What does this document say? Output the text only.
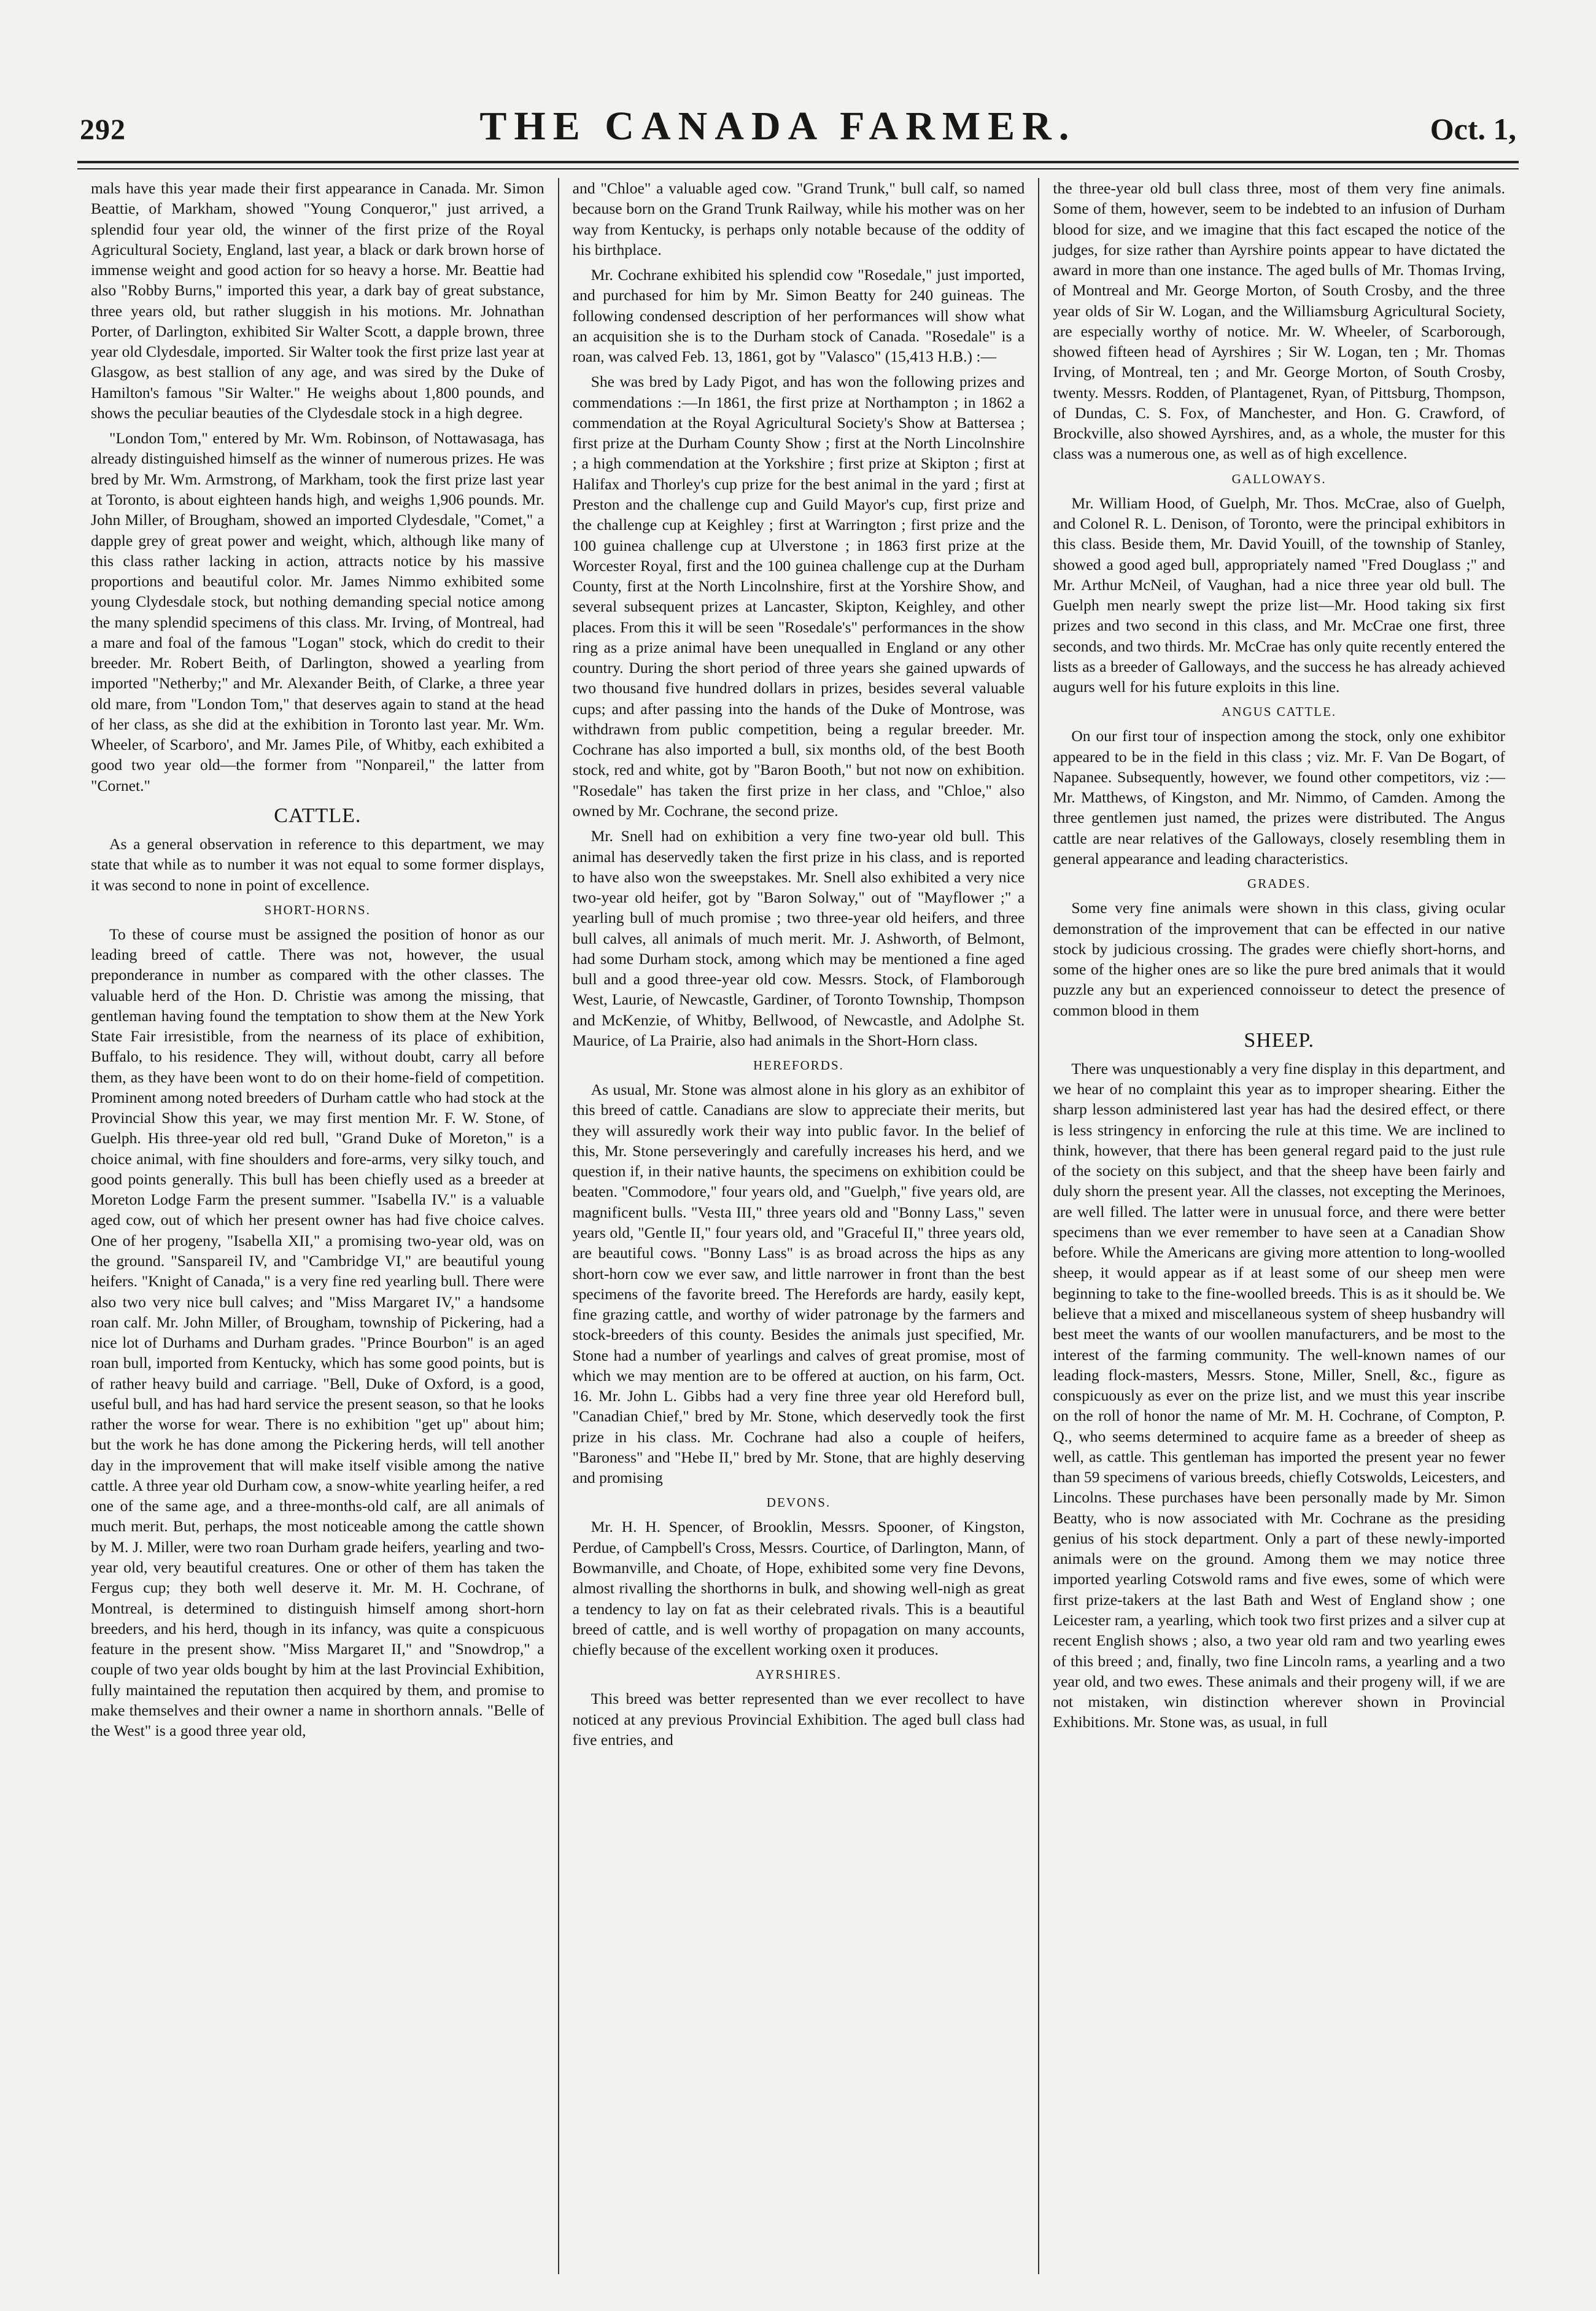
292	THE CANADA FARMER.	Oct. 1,

mals have this year made their first appearance in Canada. Mr. Simon Beattie, of Markham, showed "Young Conqueror," just arrived, a splendid four year old, the winner of the first prize of the Royal Agricultural Society, England, last year, a black or dark brown horse of immense weight and good action for so heavy a horse. Mr. Beattie had also "Robby Burns," imported this year, a dark bay of great substance, three years old, but rather sluggish in his motions. Mr. Johnathan Porter, of Darlington, exhibited Sir Walter Scott, a dapple brown, three year old Clydesdale, imported. Sir Walter took the first prize last year at Glasgow, as best stallion of any age, and was sired by the Duke of Hamilton's famous "Sir Walter." He weighs about 1,800 pounds, and shows the peculiar beauties of the Clydesdale stock in a high degree.

"London Tom," entered by Mr. Wm. Robinson, of Nottawasaga, has already distinguished himself as the winner of numerous prizes. He was bred by Mr. Wm. Armstrong, of Markham, took the first prize last year at Toronto, is about eighteen hands high, and weighs 1,906 pounds. Mr. John Miller, of Brougham, showed an imported Clydesdale, "Comet," a dapple grey of great power and weight, which, although like many of this class rather lacking in action, attracts notice by his massive proportions and beautiful color. Mr. James Nimmo exhibited some young Clydesdale stock, but nothing demanding special notice among the many splendid specimens of this class. Mr. Irving, of Montreal, had a mare and foal of the famous "Logan" stock, which do credit to their breeder. Mr. Robert Beith, of Darlington, showed a yearling from imported "Netherby;" and Mr. Alexander Beith, of Clarke, a three year old mare, from "London Tom," that deserves again to stand at the head of her class, as she did at the exhibition in Toronto last year. Mr. Wm. Wheeler, of Scarboro', and Mr. James Pile, of Whitby, each exhibited a good two year old—the former from "Nonpareil," the latter from "Cornet."

CATTLE.

As a general observation in reference to this department, we may state that while as to number it was not equal to some former displays, it was second to none in point of excellence.

SHORT-HORNS.

To these of course must be assigned the position of honor as our leading breed of cattle. There was not, however, the usual preponderance in number as compared with the other classes. The valuable herd of the Hon. D. Christie was among the missing, that gentleman having found the temptation to show them at the New York State Fair irresistible, from the nearness of its place of exhibition, Buffalo, to his residence. They will, without doubt, carry all before them, as they have been wont to do on their home-field of competition. Prominent among noted breeders of Durham cattle who had stock at the Provincial Show this year, we may first mention Mr. F. W. Stone, of Guelph. His three-year old red bull, "Grand Duke of Moreton," is a choice animal, with fine shoulders and fore-arms, very silky touch, and good points generally. This bull has been chiefly used as a breeder at Moreton Lodge Farm the present summer. "Isabella IV." is a valuable aged cow, out of which her present owner has had five choice calves. One of her progeny, "Isabella XII," a promising two-year old, was on the ground. "Sanspareil IV, and "Cambridge VI," are beautiful young heifers. "Knight of Canada," is a very fine red yearling bull. There were also two very nice bull calves; and "Miss Margaret IV," a handsome roan calf. Mr. John Miller, of Brougham, township of Pickering, had a nice lot of Durhams and Durham grades. "Prince Bourbon" is an aged roan bull, imported from Kentucky, which has some good points, but is of rather heavy build and carriage. "Bell, Duke of Oxford, is a good, useful bull, and has had hard service the present season, so that he looks rather the worse for wear. There is no exhibition "get up" about him; but the work he has done among the Pickering herds, will tell another day in the improvement that will make itself visible among the native cattle. A three year old Durham cow, a snow-white yearling heifer, a red one of the same age, and a three-months-old calf, are all animals of much merit. But, perhaps, the most noticeable among the cattle shown by M. J. Miller, were two roan Durham grade heifers, yearling and two-year old, very beautiful creatures. One or other of them has taken the Fergus cup; they both well deserve it. Mr. M. H. Cochrane, of Montreal, is determined to distinguish himself among short-horn breeders, and his herd, though in its infancy, was quite a conspicuous feature in the present show. "Miss Margaret II," and "Snowdrop," a couple of two year olds bought by him at the last Provincial Exhibition, fully maintained the reputation then acquired by them, and promise to make themselves and their owner a name in shorthorn annals. "Belle of the West" is a good three year old,

and "Chloe" a valuable aged cow. "Grand Trunk," bull calf, so named because born on the Grand Trunk Railway, while his mother was on her way from Kentucky, is perhaps only notable because of the oddity of his birthplace.

Mr. Cochrane exhibited his splendid cow "Rosedale," just imported, and purchased for him by Mr. Simon Beatty for 240 guineas. The following condensed description of her performances will show what an acquisition she is to the Durham stock of Canada. "Rosedale" is a roan, was calved Feb. 13, 1861, got by "Valasco" (15,413 H.B.) :—

She was bred by Lady Pigot, and has won the following prizes and commendations :—In 1861, the first prize at Northampton ; in 1862 a commendation at the Royal Agricultural Society's Show at Battersea ; first prize at the Durham County Show ; first at the North Lincolnshire ; a high commendation at the Yorkshire ; first prize at Skipton ; first at Halifax and Thorley's cup prize for the best animal in the yard ; first at Preston and the challenge cup and Guild Mayor's cup, first prize and the challenge cup at Keighley ; first at Warrington ; first prize and the 100 guinea challenge cup at Ulverstone ; in 1863 first prize at the Worcester Royal, first and the 100 guinea challenge cup at the Durham County, first at the North Lincolnshire, first at the Yorshire Show, and several subsequent prizes at Lancaster, Skipton, Keighley, and other places. From this it will be seen "Rosedale's" performances in the show ring as a prize animal have been unequalled in England or any other country. During the short period of three years she gained upwards of two thousand five hundred dollars in prizes, besides several valuable cups; and after passing into the hands of the Duke of Montrose, was withdrawn from public competition, being a regular breeder. Mr. Cochrane has also imported a bull, six months old, of the best Booth stock, red and white, got by "Baron Booth," but not now on exhibition. "Rosedale" has taken the first prize in her class, and "Chloe," also owned by Mr. Cochrane, the second prize.

Mr. Snell had on exhibition a very fine two-year old bull. This animal has deservedly taken the first prize in his class, and is reported to have also won the sweepstakes. Mr. Snell also exhibited a very nice two-year old heifer, got by "Baron Solway," out of "Mayflower ;" a yearling bull of much promise ; two three-year old heifers, and three bull calves, all animals of much merit. Mr. J. Ashworth, of Belmont, had some Durham stock, among which may be mentioned a fine aged bull and a good three-year old cow. Messrs. Stock, of Flamborough West, Laurie, of Newcastle, Gardiner, of Toronto Township, Thompson and McKenzie, of Whitby, Bellwood, of Newcastle, and Adolphe St. Maurice, of La Prairie, also had animals in the Short-Horn class.

HEREFORDS.

As usual, Mr. Stone was almost alone in his glory as an exhibitor of this breed of cattle. Canadians are slow to appreciate their merits, but they will assuredly work their way into public favor. In the belief of this, Mr. Stone perseveringly and carefully increases his herd, and we question if, in their native haunts, the specimens on exhibition could be beaten. "Commodore," four years old, and "Guelph," five years old, are magnificent bulls. "Vesta III," three years old and "Bonny Lass," seven years old, "Gentle II," four years old, and "Graceful II," three years old, are beautiful cows. "Bonny Lass" is as broad across the hips as any short-horn cow we ever saw, and little narrower in front than the best specimens of the favorite breed. The Herefords are hardy, easily kept, fine grazing cattle, and worthy of wider patronage by the farmers and stock-breeders of this county. Besides the animals just specified, Mr. Stone had a number of yearlings and calves of great promise, most of which we may mention are to be offered at auction, on his farm, Oct. 16. Mr. John L. Gibbs had a very fine three year old Hereford bull, "Canadian Chief," bred by Mr. Stone, which deservedly took the first prize in his class. Mr. Cochrane had also a couple of heifers, "Baroness" and "Hebe II," bred by Mr. Stone, that are highly deserving and promising

DEVONS.

Mr. H. H. Spencer, of Brooklin, Messrs. Spooner, of Kingston, Perdue, of Campbell's Cross, Messrs. Courtice, of Darlington, Mann, of Bowmanville, and Choate, of Hope, exhibited some very fine Devons, almost rivalling the shorthorns in bulk, and showing well-nigh as great a tendency to lay on fat as their celebrated rivals. This is a beautiful breed of cattle, and is well worthy of propagation on many accounts, chiefly because of the excellent working oxen it produces.

AYRSHIRES.

This breed was better represented than we ever recollect to have noticed at any previous Provincial Exhibition. The aged bull class had five entries, and

the three-year old bull class three, most of them very fine animals. Some of them, however, seem to be indebted to an infusion of Durham blood for size, and we imagine that this fact escaped the notice of the judges, for size rather than Ayrshire points appear to have dictated the award in more than one instance. The aged bulls of Mr. Thomas Irving, of Montreal and Mr. George Morton, of South Crosby, and the three year olds of Sir W. Logan, and the Williamsburg Agricultural Society, are especially worthy of notice. Mr. W. Wheeler, of Scarborough, showed fifteen head of Ayrshires ; Sir W. Logan, ten ; Mr. Thomas Irving, of Montreal, ten ; and Mr. George Morton, of South Crosby, twenty. Messrs. Rodden, of Plantagenet, Ryan, of Pittsburg, Thompson, of Dundas, C. S. Fox, of Manchester, and Hon. G. Crawford, of Brockville, also showed Ayrshires, and, as a whole, the muster for this class was a numerous one, as well as of high excellence.

GALLOWAYS.

Mr. William Hood, of Guelph, Mr. Thos. McCrae, also of Guelph, and Colonel R. L. Denison, of Toronto, were the principal exhibitors in this class. Beside them, Mr. David Youill, of the township of Stanley, showed a good aged bull, appropriately named "Fred Douglass ;" and Mr. Arthur McNeil, of Vaughan, had a nice three year old bull. The Guelph men nearly swept the prize list—Mr. Hood taking six first prizes and two second in this class, and Mr. McCrae one first, three seconds, and two thirds. Mr. McCrae has only quite recently entered the lists as a breeder of Galloways, and the success he has already achieved augurs well for his future exploits in this line.

ANGUS CATTLE.

On our first tour of inspection among the stock, only one exhibitor appeared to be in the field in this class ; viz. Mr. F. Van De Bogart, of Napanee. Subsequently, however, we found other competitors, viz :—Mr. Matthews, of Kingston, and Mr. Nimmo, of Camden. Among the three gentlemen just named, the prizes were distributed. The Angus cattle are near relatives of the Galloways, closely resembling them in general appearance and leading characteristics.

GRADES.

Some very fine animals were shown in this class, giving ocular demonstration of the improvement that can be effected in our native stock by judicious crossing. The grades were chiefly short-horns, and some of the higher ones are so like the pure bred animals that it would puzzle any but an experienced connoisseur to detect the presence of common blood in them

SHEEP.

There was unquestionably a very fine display in this department, and we hear of no complaint this year as to improper shearing. Either the sharp lesson administered last year has had the desired effect, or there is less stringency in enforcing the rule at this time. We are inclined to think, however, that there has been general regard paid to the just rule of the society on this subject, and that the sheep have been fairly and duly shorn the present year. All the classes, not excepting the Merinoes, are well filled. The latter were in unusual force, and there were better specimens than we ever remember to have seen at a Canadian Show before. While the Americans are giving more attention to long-woolled sheep, it would appear as if at least some of our sheep men were beginning to take to the fine-woolled breeds. This is as it should be. We believe that a mixed and miscellaneous system of sheep husbandry will best meet the wants of our woollen manufacturers, and be most to the interest of the farming community. The well-known names of our leading flock-masters, Messrs. Stone, Miller, Snell, &c., figure as conspicuously as ever on the prize list, and we must this year inscribe on the roll of honor the name of Mr. M. H. Cochrane, of Compton, P. Q., who seems determined to acquire fame as a breeder of sheep as well, as cattle. This gentleman has imported the present year no fewer than 59 specimens of various breeds, chiefly Cotswolds, Leicesters, and Lincolns. These purchases have been personally made by Mr. Simon Beatty, who is now associated with Mr. Cochrane as the presiding genius of his stock department. Only a part of these newly-imported animals were on the ground. Among them we may notice three imported yearling Cotswold rams and five ewes, some of which were first prize-takers at the last Bath and West of England show ; one Leicester ram, a yearling, which took two first prizes and a silver cup at recent English shows ; also, a two year old ram and two yearling ewes of this breed ; and, finally, two fine Lincoln rams, a yearling and a two year old, and two ewes. These animals and their progeny will, if we are not mistaken, win distinction wherever shown in Provincial Exhibitions. Mr. Stone was, as usual, in full
